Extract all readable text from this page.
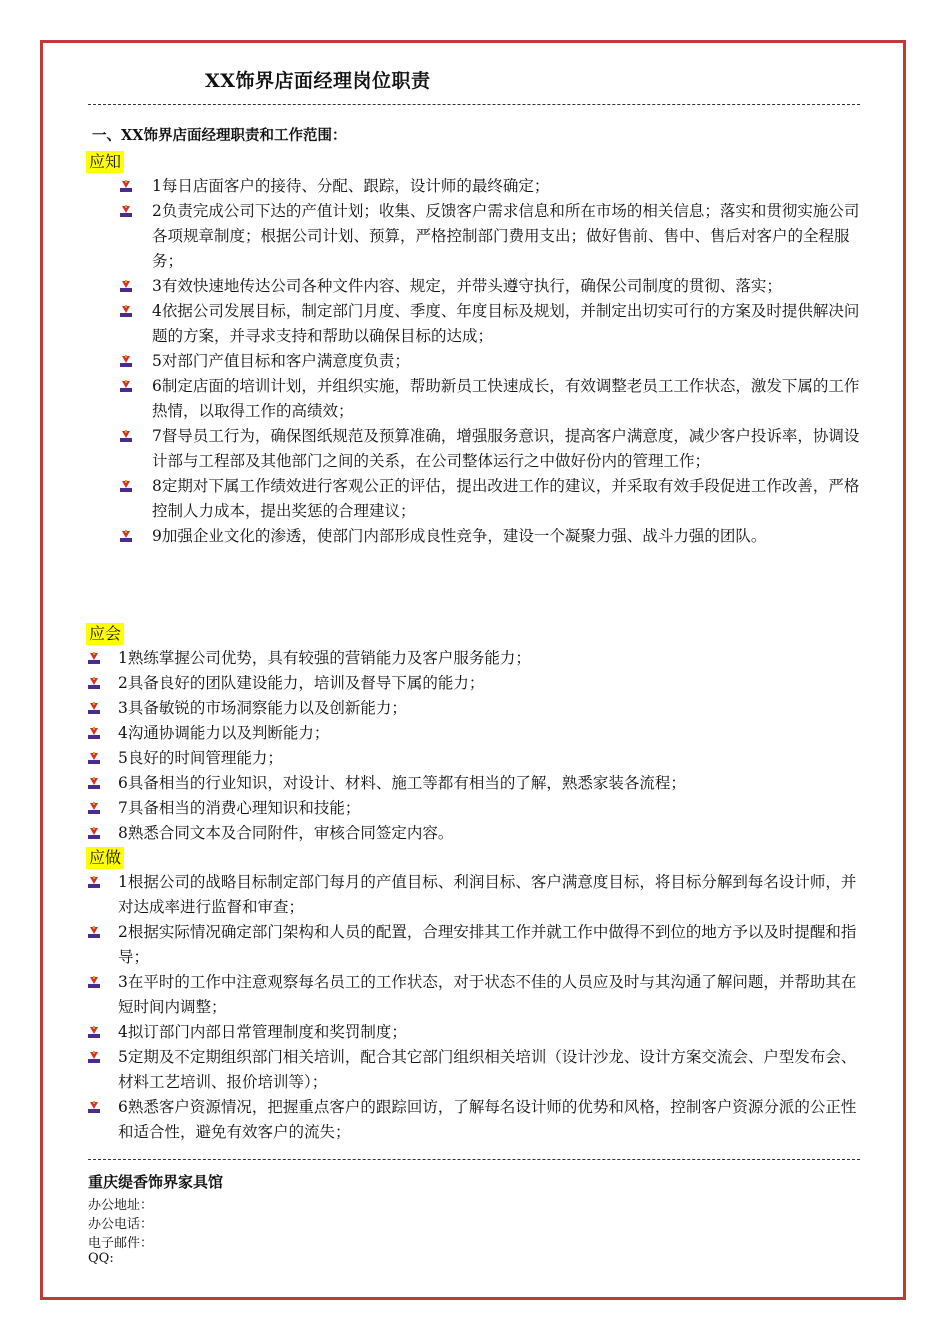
XX饰界店面经理岗位职责
一、XX饰界店面经理职责和工作范围：
应知
1每日店面客户的接待、分配、跟踪，设计师的最终确定；
2负责完成公司下达的产值计划；收集、反馈客户需求信息和所在市场的相关信息；落实和贯彻实施公司各项规章制度；根据公司计划、预算，严格控制部门费用支出；做好售前、售中、售后对客户的全程服务；
3有效快速地传达公司各种文件内容、规定，并带头遵守执行，确保公司制度的贯彻、落实；
4依据公司发展目标，制定部门月度、季度、年度目标及规划，并制定出切实可行的方案及时提供解决问题的方案，并寻求支持和帮助以确保目标的达成；
5对部门产值目标和客户满意度负责；
6制定店面的培训计划，并组织实施，帮助新员工快速成长，有效调整老员工工作状态，激发下属的工作热情，以取得工作的高绩效；
7督导员工行为，确保图纸规范及预算准确，增强服务意识，提高客户满意度，减少客户投诉率，协调设计部与工程部及其他部门之间的关系，在公司整体运行之中做好份内的管理工作；
8定期对下属工作绩效进行客观公正的评估，提出改进工作的建议，并采取有效手段促进工作改善，严格控制人力成本，提出奖惩的合理建议；
9加强企业文化的渗透，使部门内部形成良性竞争，建设一个凝聚力强、战斗力强的团队。
应会
1熟练掌握公司优势，具有较强的营销能力及客户服务能力；
2具备良好的团队建设能力，培训及督导下属的能力；
3具备敏锐的市场洞察能力以及创新能力；
4沟通协调能力以及判断能力；
5良好的时间管理能力；
6具备相当的行业知识，对设计、材料、施工等都有相当的了解，熟悉家装各流程；
7具备相当的消费心理知识和技能；
8熟悉合同文本及合同附件，审核合同签定内容。
应做
1根据公司的战略目标制定部门每月的产值目标、利润目标、客户满意度目标，将目标分解到每名设计师，并对达成率进行监督和审查；
2根据实际情况确定部门架构和人员的配置，合理安排其工作并就工作中做得不到位的地方予以及时提醒和指导；
3在平时的工作中注意观察每名员工的工作状态，对于状态不佳的人员应及时与其沟通了解问题，并帮助其在短时间内调整；
4拟订部门内部日常管理制度和奖罚制度；
5定期及不定期组织部门相关培训，配合其它部门组织相关培训（设计沙龙、设计方案交流会、户型发布会、材料工艺培训、报价培训等）；
6熟悉客户资源情况，把握重点客户的跟踪回访，了解每名设计师的优势和风格，控制客户资源分派的公正性和适合性，避免有效客户的流失；
重庆缇香饰界家具馆
办公地址：
办公电话：
电子邮件：
QQ:
